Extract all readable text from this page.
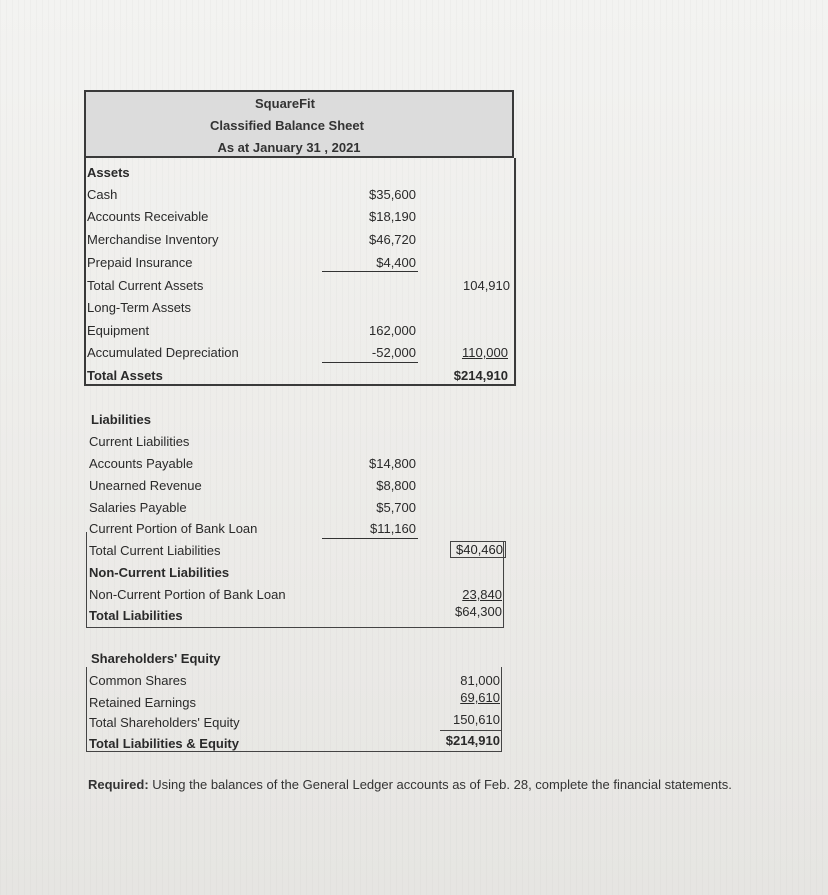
SquareFit
Classified Balance Sheet
As at January 31 , 2021
Assets
Cash	$35,600
Accounts Receivable	$18,190
Merchandise Inventory	$46,720
Prepaid Insurance	$4,400
Total Current Assets	104,910
Long-Term Assets
Equipment	162,000
Accumulated Depreciation	-52,000	110,000
Total Assets	$214,910
Liabilities
Current Liabilities
Accounts Payable	$14,800
Unearned Revenue	$8,800
Salaries Payable	$5,700
Current Portion of Bank Loan	$11,160
Total Current Liabilities	$40,460
Non-Current Liabilities
Non-Current Portion of Bank Loan	23,840
Total Liabilities	$64,300
Shareholders' Equity
Common Shares	81,000
Retained Earnings	69,610
Total Shareholders' Equity	150,610
Total Liabilities & Equity	$214,910
Required: Using the balances of the General Ledger accounts as of Feb. 28, complete the financial statements.
